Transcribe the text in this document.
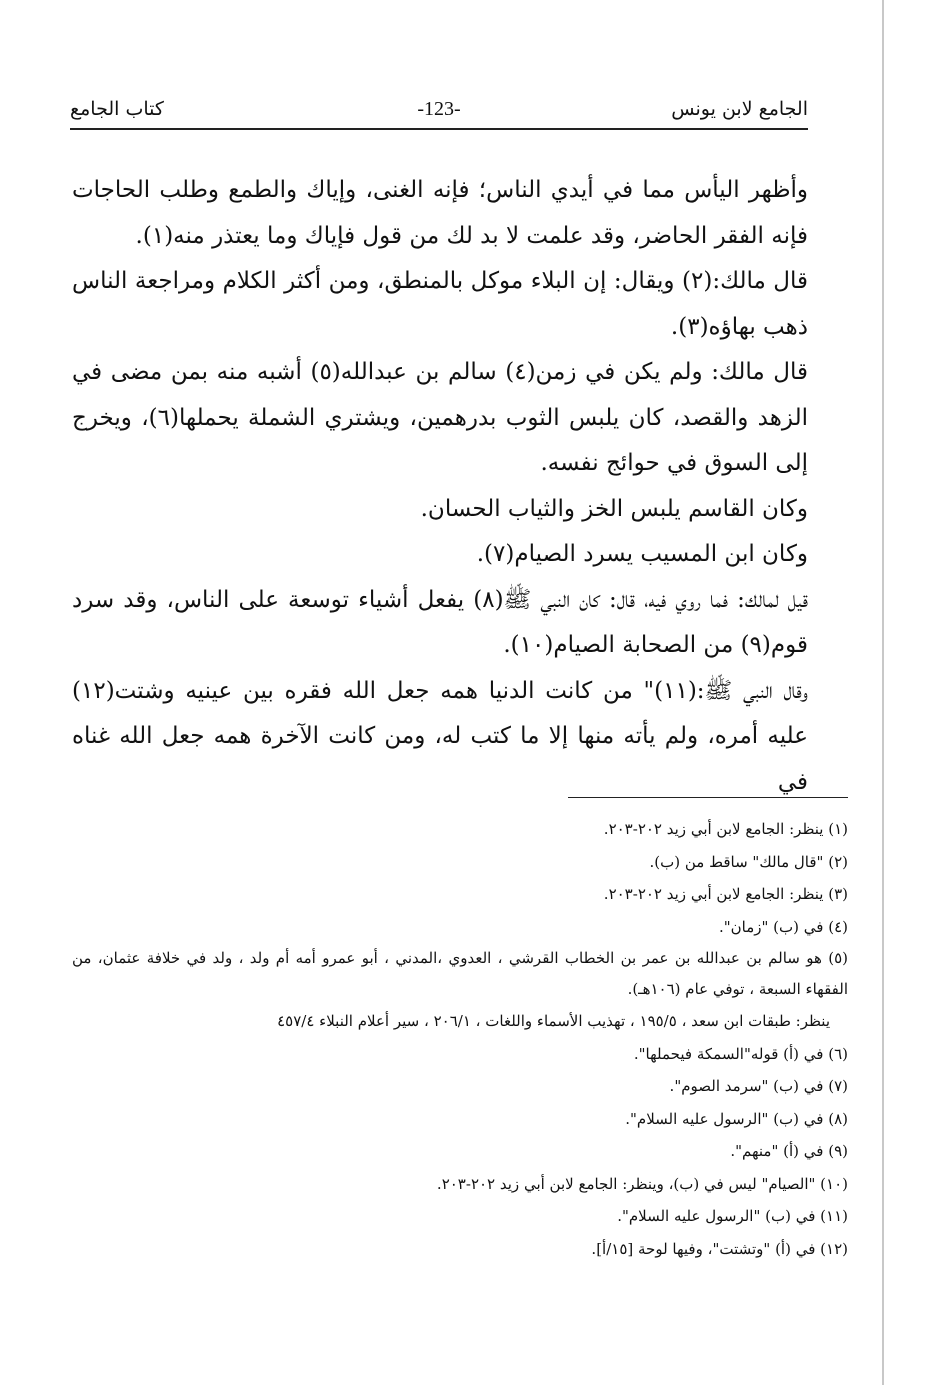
الجامع لابن يونس
-123-
كتاب الجامع

وأظهر اليأس مما في أيدي الناس؛ فإنه الغنى، وإياك والطمع وطلب الحاجات فإنه الفقر الحاضر، وقد علمت لا بد لك من قول فإياك وما يعتذر منه(١).

قال مالك:(٢) ويقال: إن البلاء موكل بالمنطق، ومن أكثر الكلام ومراجعة الناس ذهب بهاؤه(٣).

قال مالك: ولم يكن في زمن(٤) سالم بن عبدالله(٥) أشبه منه بمن مضى في الزهد والقصد، كان يلبس الثوب بدرهمين، ويشتري الشملة يحملها(٦)، ويخرج إلى السوق في حوائج نفسه.

وكان القاسم يلبس الخز والثياب الحسان.

وكان ابن المسيب يسرد الصيام(٧).

قيل لمالك: فما روي فيه، قال: كان النبي ﷺ(٨) يفعل أشياء توسعة على الناس، وقد سرد قوم(٩) من الصحابة الصيام(١٠).

وقال النبي ﷺ:(١١)" من كانت الدنيا همه جعل الله فقره بين عينيه وشتت(١٢) عليه أمره، ولم يأته منها إلا ما كتب له، ومن كانت الآخرة همه جعل الله غناه في

(١) ينظر: الجامع لابن أبي زيد ٢٠٢-٢٠٣.

(٢) "قال مالك" ساقط من (ب).

(٣) ينظر: الجامع لابن أبي زيد ٢٠٢-٢٠٣.

(٤) في (ب) "زمان".

(٥) هو سالم بن عبدالله بن عمر بن الخطاب القرشي ، العدوي ،المدني ، أبو عمرو أمه أم ولد ، ولد في خلافة عثمان، من الفقهاء السبعة ، توفي عام (١٠٦هـ).

ينظر: طبقات ابن سعد ، ١٩٥/٥ ، تهذيب الأسماء واللغات ، ٢٠٦/١ ، سير أعلام النبلاء ٤٥٧/٤

(٦) في (أ) قوله"السمكة فيحملها".

(٧) في (ب) "سرمد الصوم".

(٨) في (ب) "الرسول عليه السلام".

(٩) في (أ) "منهم".

(١٠) "الصيام" ليس في (ب)، وينظر: الجامع لابن أبي زيد ٢٠٢-٢٠٣.

(١١) في (ب) "الرسول عليه السلام".

(١٢) في (أ) "وتشتت"، وفيها لوحة [١٥/أ].
